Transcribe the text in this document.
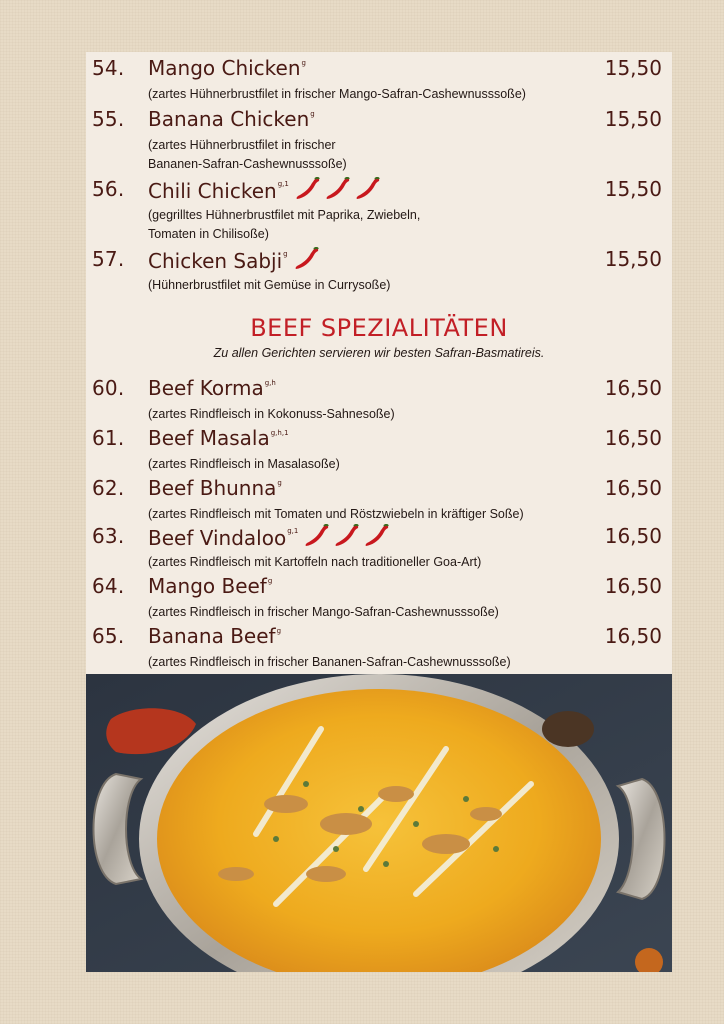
54. Mango Chicken$^g$	15,50
(zartes Hühnerbrustfilet in frischer Mango-Safran-Cashewnusssoße)
55. Banana Chicken$^g$	15,50
(zartes Hühnerbrustfilet in frischer
Bananen-Safran-Cashewnusssoße)
56. Chili Chicken$^{g,1}$	15,50
(gegrilltes Hühnerbrustfilet mit Paprika, Zwiebeln,
Tomaten in Chilisoße)
57. Chicken Sabji$^g$	15,50
(Hühnerbrustfilet mit Gemüse in Currysoße)
BEEF SPEZIALITÄTEN
Zu allen Gerichten servieren wir besten Safran-Basmatireis.
60. Beef Korma$^{g,h}$	16,50
(zartes Rindfleisch in Kokonuss-Sahnesoße)
61. Beef Masala$^{g,h,1}$	16,50
(zartes Rindfleisch in Masalasoße)
62. Beef Bhunna$^g$	16,50
(zartes Rindfleisch mit Tomaten und Röstzwiebeln in kräftiger Soße)
63. Beef Vindaloo$^{g,1}$	16,50
(zartes Rindfleisch mit Kartoffeln nach traditioneller Goa-Art)
64. Mango Beef$^g$	16,50
(zartes Rindfleisch in frischer Mango-Safran-Cashewnusssoße)
65. Banana Beef$^g$	16,50
(zartes Rindfleisch in frischer Bananen-Safran-Cashewnusssoße)
